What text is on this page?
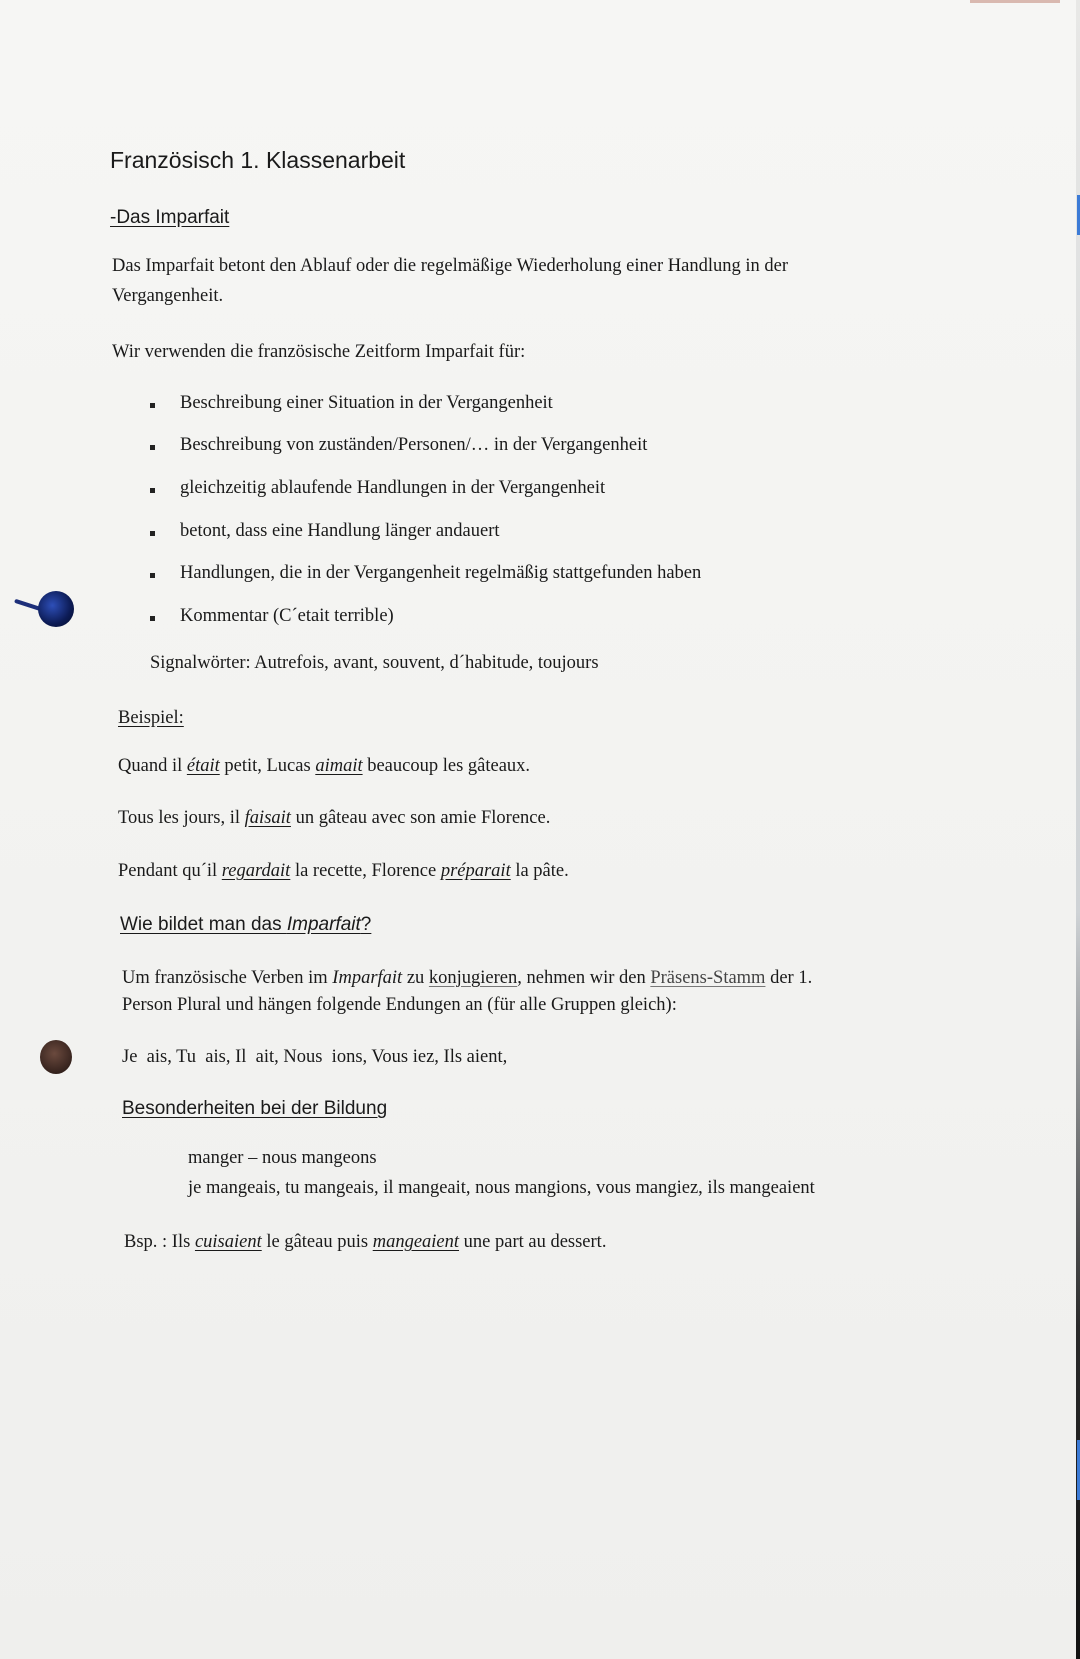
Französisch 1. Klassenarbeit
-Das Imparfait
Das Imparfait betont den Ablauf oder die regelmäßige Wiederholung einer Handlung in der
Vergangenheit.
Wir verwenden die französische Zeitform Imparfait für:
Beschreibung einer Situation in der Vergangenheit
Beschreibung von zuständen/Personen/… in der Vergangenheit
gleichzeitig ablaufende Handlungen in der Vergangenheit
betont, dass eine Handlung länger andauert
Handlungen, die in der Vergangenheit regelmäßig stattgefunden haben
Kommentar (C´etait terrible)
Signalwörter: Autrefois, avant, souvent, d´habitude, toujours
Beispiel:
Quand il était petit, Lucas aimait beaucoup les gâteaux.
Tous les jours, il faisait un gâteau avec son amie Florence.
Pendant qu´il regardait la recette, Florence préparait la pâte.
Wie bildet man das Imparfait?
Um französische Verben im Imparfait zu konjugieren, nehmen wir den Präsens-Stamm der 1.
Person Plural und hängen folgende Endungen an (für alle Gruppen gleich):
Je  ais, Tu  ais, Il  ait, Nous  ions, Vous iez, Ils aient,
Besonderheiten bei der Bildung
manger – nous mangeons
je mangeais, tu mangeais, il mangeait, nous mangions, vous mangiez, ils mangeaient
Bsp. : Ils cuisaient le gâteau puis mangeaient une part au dessert.
